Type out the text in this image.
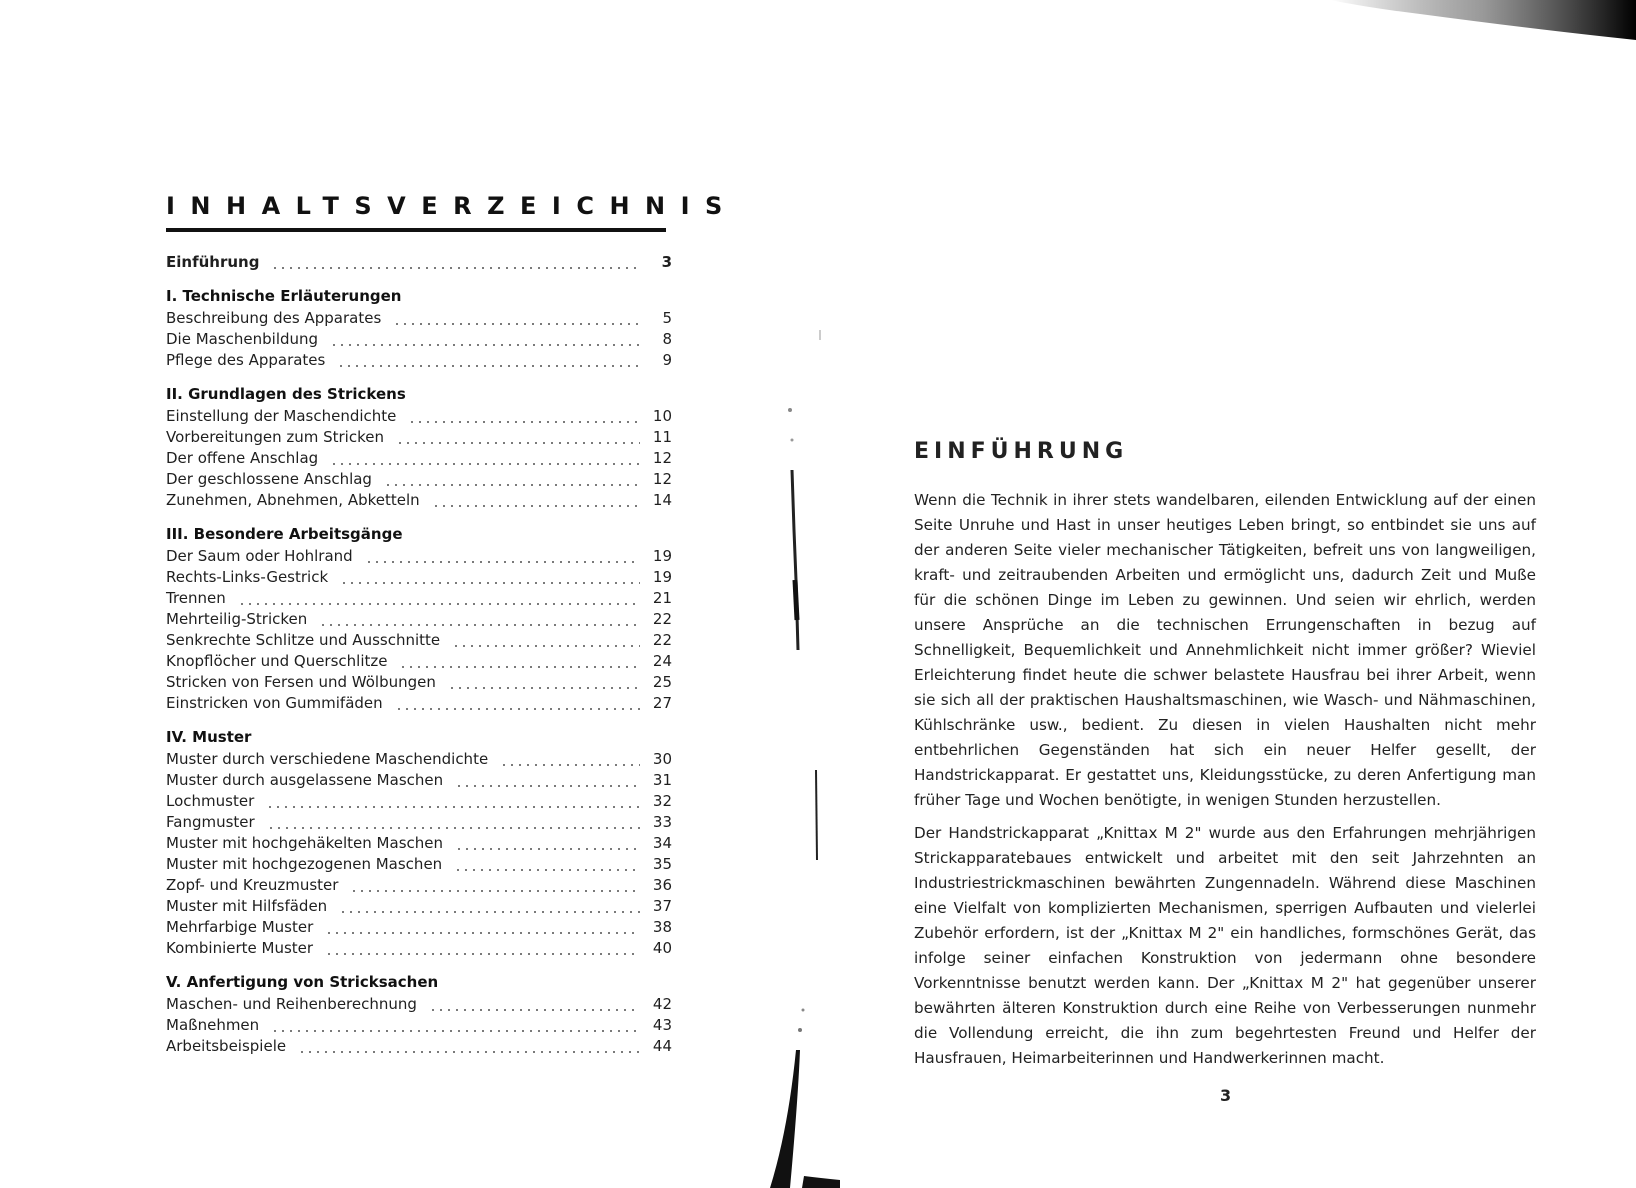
INHALTSVERZEICHNIS
Einführung	3
I. Technische Erläuterungen
Beschreibung des Apparates	5
Die Maschenbildung	8
Pflege des Apparates	9
II. Grundlagen des Strickens
Einstellung der Maschendichte	10
Vorbereitungen zum Stricken	11
Der offene Anschlag	12
Der geschlossene Anschlag	12
Zunehmen, Abnehmen, Abketteln	14
III. Besondere Arbeitsgänge
Der Saum oder Hohlrand	19
Rechts-Links-Gestrick	19
Trennen	21
Mehrteilig-Stricken	22
Senkrechte Schlitze und Ausschnitte	22
Knopflöcher und Querschlitze	24
Stricken von Fersen und Wölbungen	25
Einstricken von Gummifäden	27
IV. Muster
Muster durch verschiedene Maschendichte	30
Muster durch ausgelassene Maschen	31
Lochmuster	32
Fangmuster	33
Muster mit hochgehäkelten Maschen	34
Muster mit hochgezogenen Maschen	35
Zopf- und Kreuzmuster	36
Muster mit Hilfsfäden	37
Mehrfarbige Muster	38
Kombinierte Muster	40
V. Anfertigung von Stricksachen
Maschen- und Reihenberechnung	42
Maßnehmen	43
Arbeitsbeispiele	44
EINFÜHRUNG

Wenn die Technik in ihrer stets wandelbaren, eilenden Entwicklung auf der einen Seite Unruhe und Hast in unser heutiges Leben bringt, so entbindet sie uns auf der anderen Seite vieler mechanischer Tätigkeiten, befreit uns von langweiligen, kraft- und zeitraubenden Arbeiten und ermöglicht uns, dadurch Zeit und Muße für die schönen Dinge im Leben zu gewinnen. Und seien wir ehrlich, werden unsere Ansprüche an die technischen Errungenschaften in bezug auf Schnelligkeit, Bequemlichkeit und Annehmlichkeit nicht immer größer? Wieviel Erleichterung findet heute die schwer belastete Hausfrau bei ihrer Arbeit, wenn sie sich all der praktischen Haushaltsmaschinen, wie Wasch- und Nähmaschinen, Kühlschränke usw., bedient. Zu diesen in vielen Haushalten nicht mehr entbehrlichen Gegenständen hat sich ein neuer Helfer gesellt, der Handstrickapparat. Er gestattet uns, Kleidungsstücke, zu deren Anfertigung man früher Tage und Wochen benötigte, in wenigen Stunden herzustellen.

Der Handstrickapparat „Knittax M 2" wurde aus den Erfahrungen mehrjährigen Strickapparatebaues entwickelt und arbeitet mit den seit Jahrzehnten an Industriestrickmaschinen bewährten Zungennadeln. Während diese Maschinen eine Vielfalt von komplizierten Mechanismen, sperrigen Aufbauten und vielerlei Zubehör erfordern, ist der „Knittax M 2" ein handliches, formschönes Gerät, das infolge seiner einfachen Konstruktion von jedermann ohne besondere Vorkenntnisse benutzt werden kann. Der „Knittax M 2" hat gegenüber unserer bewährten älteren Konstruktion durch eine Reihe von Verbesserungen nunmehr die Vollendung erreicht, die ihn zum begehrtesten Freund und Helfer der Hausfrauen, Heimarbeiterinnen und Handwerkerinnen macht.

3
